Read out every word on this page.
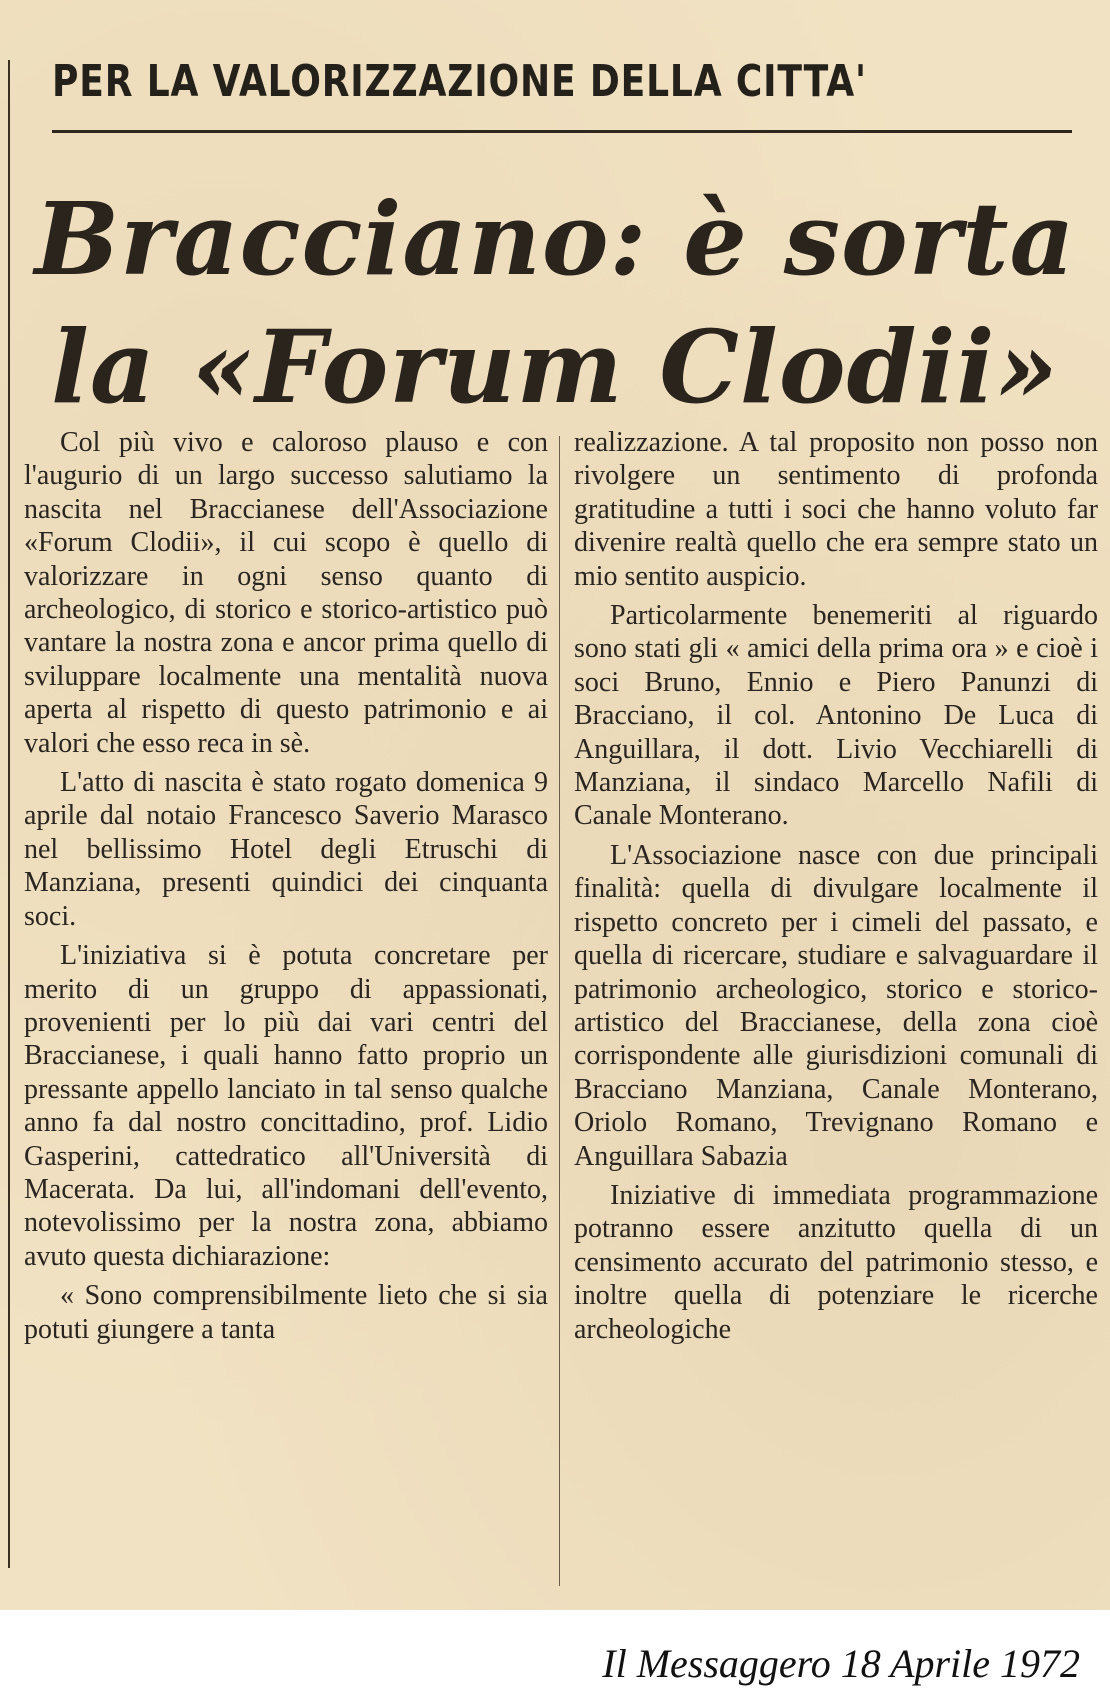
PER LA VALORIZZAZIONE DELLA CITTA'
Bracciano: è sorta
la «Forum Clodii»

Col più vivo e caloroso plauso e con l'augurio di un largo successo salutiamo la nascita nel Braccianese dell'Associazione «Forum Clodii», il cui scopo è quello di valorizzare in ogni senso quanto di archeologico, di storico e storico-artistico può vantare la nostra zona e ancor prima quello di sviluppare localmente una mentalità nuova aperta al rispetto di questo patrimonio e ai valori che esso reca in sè.

L'atto di nascita è stato rogato domenica 9 aprile dal notaio Francesco Saverio Marasco nel bellissimo Hotel degli Etruschi di Manziana, presenti quindici dei cinquanta soci.

L'iniziativa si è potuta concretare per merito di un gruppo di appassionati, provenienti per lo più dai vari centri del Braccianese, i quali hanno fatto proprio un pressante appello lanciato in tal senso qualche anno fa dal nostro concittadino, prof. Lidio Gasperini, cattedratico all'Università di Macerata. Da lui, all'indomani dell'evento, notevolissimo per la nostra zona, abbiamo avuto questa dichiarazione:

« Sono comprensibilmente lieto che si sia potuti giungere a tanta

realizzazione. A tal proposito non posso non rivolgere un sentimento di profonda gratitudine a tutti i soci che hanno voluto far divenire realtà quello che era sempre stato un mio sentito auspicio.

Particolarmente benemeriti al riguardo sono stati gli « amici della prima ora » e cioè i soci Bruno, Ennio e Piero Panunzi di Bracciano, il col. Antonino De Luca di Anguillara, il dott. Livio Vecchiarelli di Manziana, il sindaco Marcello Nafili di Canale Monterano.

L'Associazione nasce con due principali finalità: quella di divulgare localmente il rispetto concreto per i cimeli del passato, e quella di ricercare, studiare e salvaguardare il patrimonio archeologico, storico e storico-artistico del Braccianese, della zona cioè corrispondente alle giurisdizioni comunali di Bracciano Manziana, Canale Monterano, Oriolo Romano, Trevignano Romano e Anguillara Sabazia

Iniziative di immediata programmazione potranno essere anzitutto quella di un censimento accurato del patrimonio stesso, e inoltre quella di potenziare le ricerche archeologiche

Il Messaggero 18 Aprile 1972
